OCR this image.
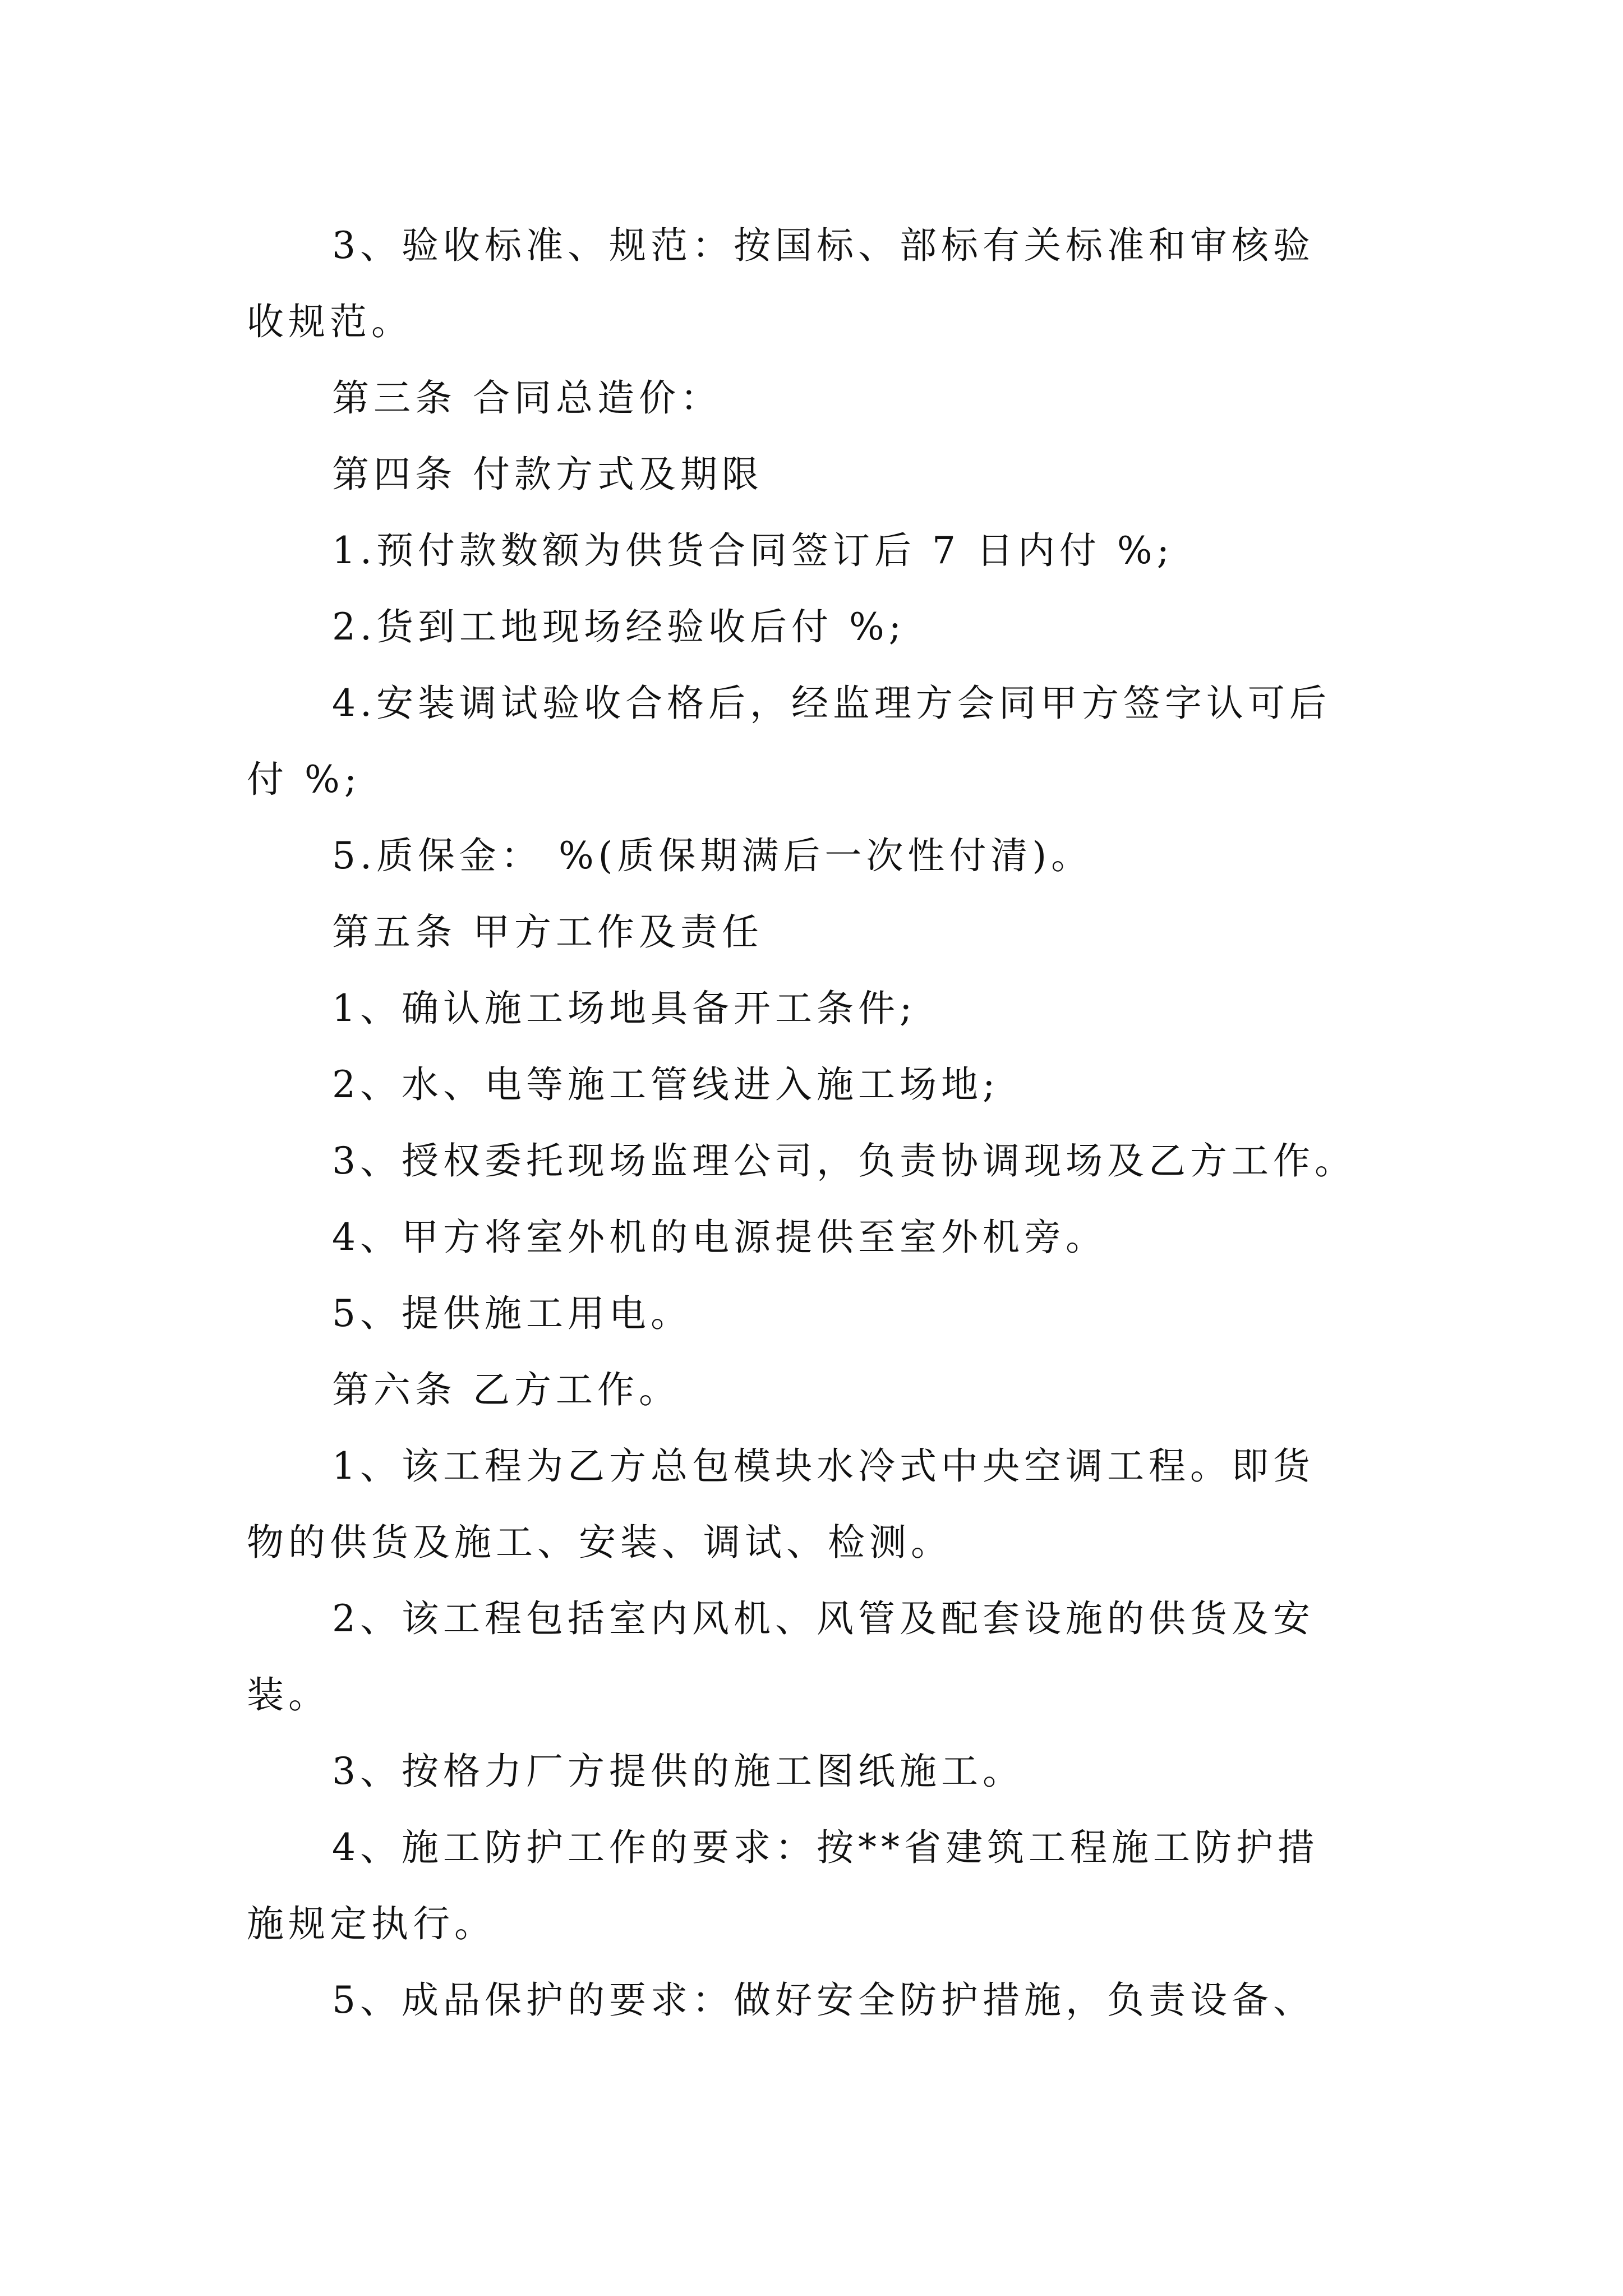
3、验收标准、规范：按国标、部标有关标准和审核验
收规范。
第三条 合同总造价：
第四条 付款方式及期限
1.预付款数额为供货合同签订后 7 日内付 %;
2.货到工地现场经验收后付 %;
4.安装调试验收合格后，经监理方会同甲方签字认可后
付 %;
5.质保金： %(质保期满后一次性付清)。
第五条 甲方工作及责任
1、确认施工场地具备开工条件;
2、水、电等施工管线进入施工场地;
3、授权委托现场监理公司，负责协调现场及乙方工作。
4、甲方将室外机的电源提供至室外机旁。
5、提供施工用电。
第六条 乙方工作。
1、该工程为乙方总包模块水冷式中央空调工程。即货
物的供货及施工、安装、调试、检测。
2、该工程包括室内风机、风管及配套设施的供货及安
装。
3、按格力厂方提供的施工图纸施工。
4、施工防护工作的要求：按**省建筑工程施工防护措
施规定执行。
5、成品保护的要求：做好安全防护措施，负责设备、
